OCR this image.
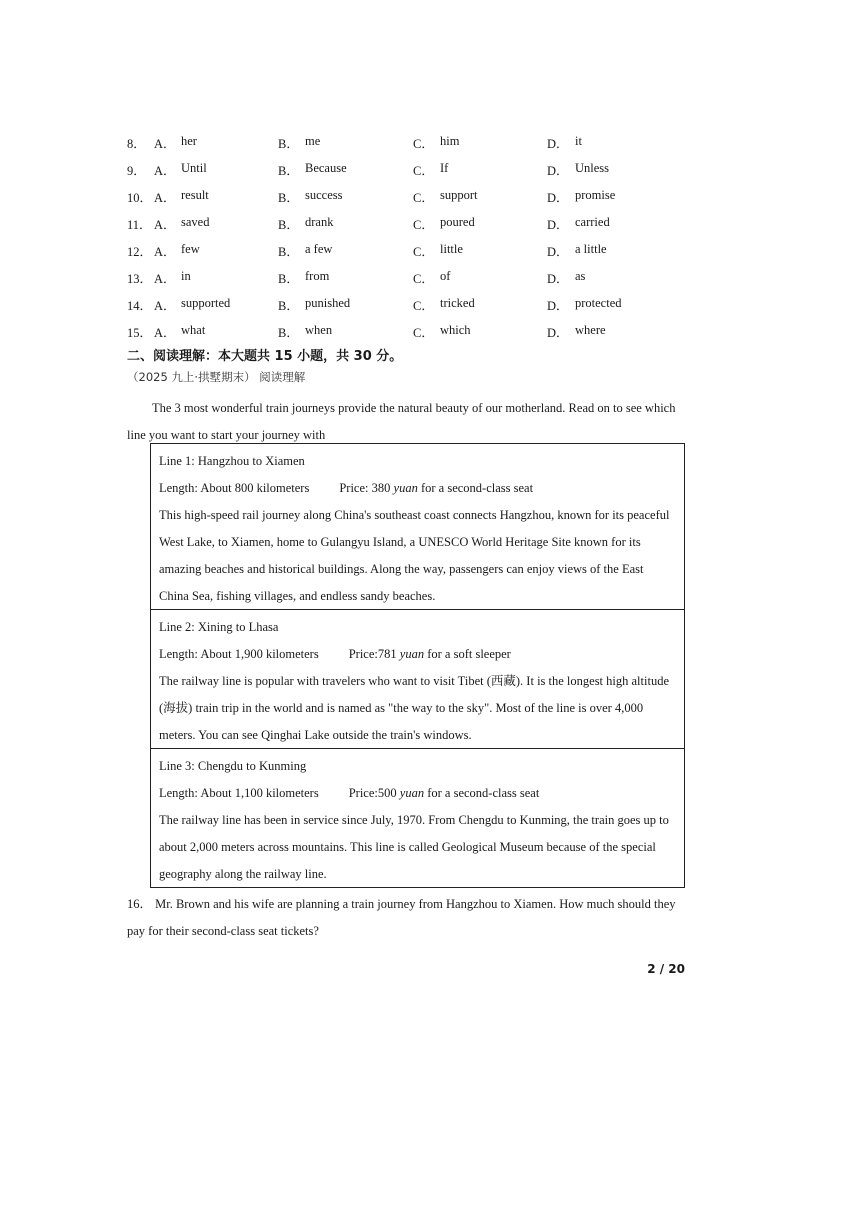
8． A． her	B． me	C． him	D． it
9． A． Until	B． Because	C． If	D． Unless
10． A． result	B． success	C． support	D． promise
11． A． saved	B． drank	C． poured	D． carried
12． A． few	B． a few	C． little	D． a little
13． A． in	B． from	C． of	D． as
14． A． supported	B． punished	C． tricked	D． protected
15． A． what	B． when	C． which	D． where
二、阅读理解：本大题共 15 小题，共 30 分。
（2025 九上·拱墅期末） 阅读理解

The 3 most wonderful train journeys provide the natural beauty of our motherland. Read on to see which

line you want to start your journey with

Line 1: Hangzhou to Xiamen

Length: About 800 kilometers Price: 380 yuan for a second-class seat

This high-speed rail journey along China's southeast coast connects Hangzhou, known for its peaceful West Lake, to Xiamen, home to Gulangyu Island, a UNESCO World Heritage Site known for its amazing beaches and historical buildings. Along the way, passengers can enjoy views of the East China Sea, fishing villages, and endless sandy beaches.

Line 2: Xining to Lhasa

Length: About 1,900 kilometers Price:781 yuan for a soft sleeper

The railway line is popular with travelers who want to visit Tibet (西藏). It is the longest high altitude (海拔) train trip in the world and is named as "the way to the sky". Most of the line is over 4,000 meters. You can see Qinghai Lake outside the train's windows.

Line 3: Chengdu to Kunming

Length: About 1,100 kilometers Price:500 yuan for a second-class seat

The railway line has been in service since July, 1970. From Chengdu to Kunming, the train goes up to about 2,000 meters across mountains. This line is called Geological Museum because of the special geography along the railway line.

16． Mr. Brown and his wife are planning a train journey from Hangzhou to Xiamen. How much should they

pay for their second-class seat tickets?

2 / 20
